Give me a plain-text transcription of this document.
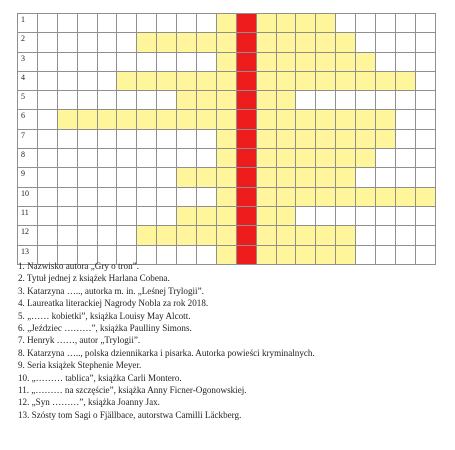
1																				
2																				
3																				
4																				
5																				
6																				
7																				
8																				
9																				
10																				
11																				
12																				
13																				
1. Nazwisko autora „Gry o tron”.
2. Tytuł jednej z książek Harlana Cobena.
3. Katarzyna ….., autorka m. in. „Leśnej Trylogii”.
4. Laureatka literackiej Nagrody Nobla za rok 2018.
5. „…… kobietki”, książka Louisy May Alcott.
6. „Jeździec ………”, książka Paulliny Simons.
7. Henryk ……, autor „Trylogii”.
8. Katarzyna ….., polska dziennikarka i pisarka. Autorka powieści kryminalnych.
9. Seria książek Stephenie Meyer.
10. „……… tablica”, książka Carli Montero.
11. „……… na szczęście”, książka Anny Ficner-Ogonowskiej.
12. „Syn ………”, książka Joanny Jax.
13. Szósty tom Sagi o Fjällbace, autorstwa Camilli Läckberg.
